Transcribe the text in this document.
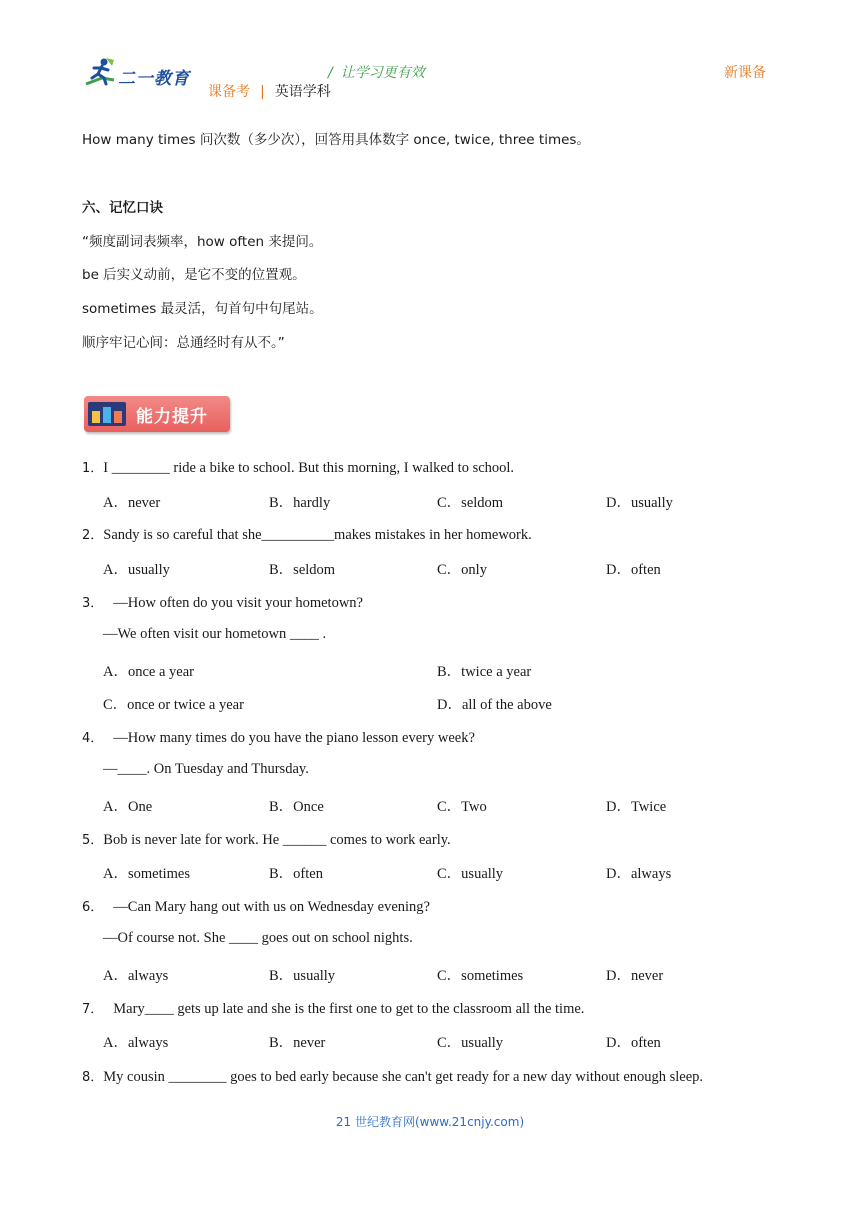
二一教育	/ 让学习更有效
课备考 | 英语学科
新课备
How many times 问次数（多少次），回答用具体数字 once, twice, three times。
六、记忆口诀
“频度副词表频率，how often 来提问。
be 后实义动前，是它不变的位置观。
sometimes 最灵活，句首句中句尾站。
顺序牢记心间：总通经时有从不。”
能力提升
1．I ________ ride a bike to school. But this morning, I walked to school.
A．never	B．hardly	C．seldom	D．usually
2．Sandy is so careful that she__________makes mistakes in her homework.
A．usually	B．seldom	C．only	D．often
3． —How often do you visit your hometown?
—We often visit our hometown ____ .
A．once a year	B．twice a year
C．once or twice a year	D．all of the above
4． —How many times do you have the piano lesson every week?
—____. On Tuesday and Thursday.
A．One	B．Once	C．Two	D．Twice
5．Bob is never late for work. He ______ comes to work early.
A．sometimes	B．often	C．usually	D．always
6． —Can Mary hang out with us on Wednesday evening?
—Of course not. She ____ goes out on school nights.
A．always	B．usually	C．sometimes	D．never
7． Mary____ gets up late and she is the first one to get to the classroom all the time.
A．always	B．never	C．usually	D．often
8．My cousin ________ goes to bed early because she can't get ready for a new day without enough sleep.
21 世纪教育网(www.21cnjy.com)
